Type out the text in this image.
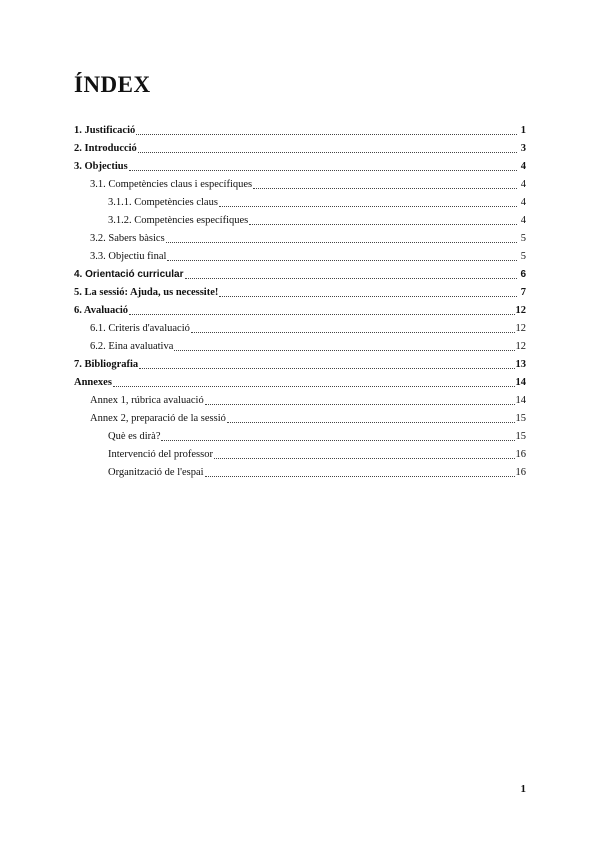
ÍNDEX
1. Justificació	1
2. Introducció	3
3. Objectius	4
3.1. Competències claus i específiques	4
3.1.1. Competències claus	4
3.1.2. Competències específiques	4
3.2. Sabers bàsics	5
3.3. Objectiu final	5
4. Orientació curricular	6
5. La sessió: Ajuda, us necessite!	7
6. Avaluació	12
6.1. Criteris d'avaluació	12
6.2. Eina avaluativa	12
7. Bibliografia	13
Annexes	14
Annex 1, rúbrica avaluació	14
Annex 2, preparació de la sessió	15
Què es dirà?	15
Intervenció del professor	16
Organització de l'espai	16
1
